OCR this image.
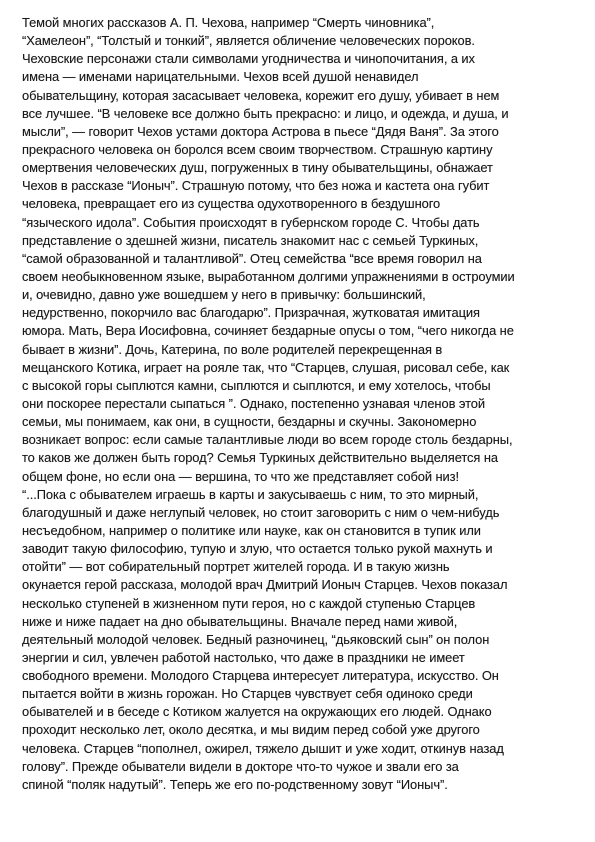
Темой многих рассказов А. П. Чехова, например “Смерть чиновника”,
“Хамелеон”, “Толстый и тонкий”, является обличение человеческих пороков.
Чеховские персонажи стали символами угодничества и чинопочитания, а их
имена — именами нарицательными. Чехов всей душой ненавидел
обывательщину, которая засасывает человека, корежит его душу, убивает в нем
все лучшее. “В человеке все должно быть прекрасно: и лицо, и одежда, и душа, и
мысли”, — говорит Чехов устами доктора Астрова в пьесе “Дядя Ваня”. За этого
прекрасного человека он боролся всем своим творчеством. Страшную картину
омертвения человеческих душ, погруженных в тину обывательщины, обнажает
Чехов в рассказе “Ионыч”. Страшную потому, что без ножа и кастета она губит
человека, превращает его из существа одухотворенного в бездушного
“языческого идола”. События происходят в губернском городе С. Чтобы дать
представление о здешней жизни, писатель знакомит нас с семьей Туркиных,
“самой образованной и талантливой”. Отец семейства “все время говорил на
своем необыкновенном языке, выработанном долгими упражнениями в остроумии
и, очевидно, давно уже вошедшем у него в привычку: большинский,
недурственно, покорчило вас благодарю”. Призрачная, жутковатая имитация
юмора. Мать, Вера Иосифовна, сочиняет бездарные опусы о том, “чего никогда не
бывает в жизни”. Дочь, Катерина, по воле родителей перекрещенная в
мещанского Котика, играет на рояле так, что “Старцев, слушая, рисовал себе, как
с высокой горы сыплются камни, сыплются и сыплются, и ему хотелось, чтобы
они поскорее перестали сыпаться ”. Однако, постепенно узнавая членов этой
семьи, мы понимаем, как они, в сущности, бездарны и скучны. Закономерно
возникает вопрос: если самые талантливые люди во всем городе столь бездарны,
то каков же должен быть город? Семья Туркиных действительно выделяется на
общем фоне, но если она — вершина, то что же представляет собой низ!
“...Пока с обывателем играешь в карты и закусываешь с ним, то это мирный,
благодушный и даже неглупый человек, но стоит заговорить с ним о чем-нибудь
несъедобном, например о политике или науке, как он становится в тупик или
заводит такую философию, тупую и злую, что остается только рукой махнуть и
отойти” — вот собирательный портрет жителей города. И в такую жизнь
окунается герой рассказа, молодой врач Дмитрий Ионыч Старцев. Чехов показал
несколько ступеней в жизненном пути героя, но с каждой ступенью Старцев
ниже и ниже падает на дно обывательщины. Вначале перед нами живой,
деятельный молодой человек. Бедный разночинец, “дьяковский сын” он полон
энергии и сил, увлечен работой настолько, что даже в праздники не имеет
свободного времени. Молодого Старцева интересует литература, искусство. Он
пытается войти в жизнь горожан. Но Старцев чувствует себя одиноко среди
обывателей и в беседе с Котиком жалуется на окружающих его людей. Однако
проходит несколько лет, около десятка, и мы видим перед собой уже другого
человека. Старцев “пополнел, ожирел, тяжело дышит и уже ходит, откинув назад
голову”. Прежде обыватели видели в докторе что-то чужое и звали его за
спиной “поляк надутый”. Теперь же его по-родственному зовут “Ионыч”.
